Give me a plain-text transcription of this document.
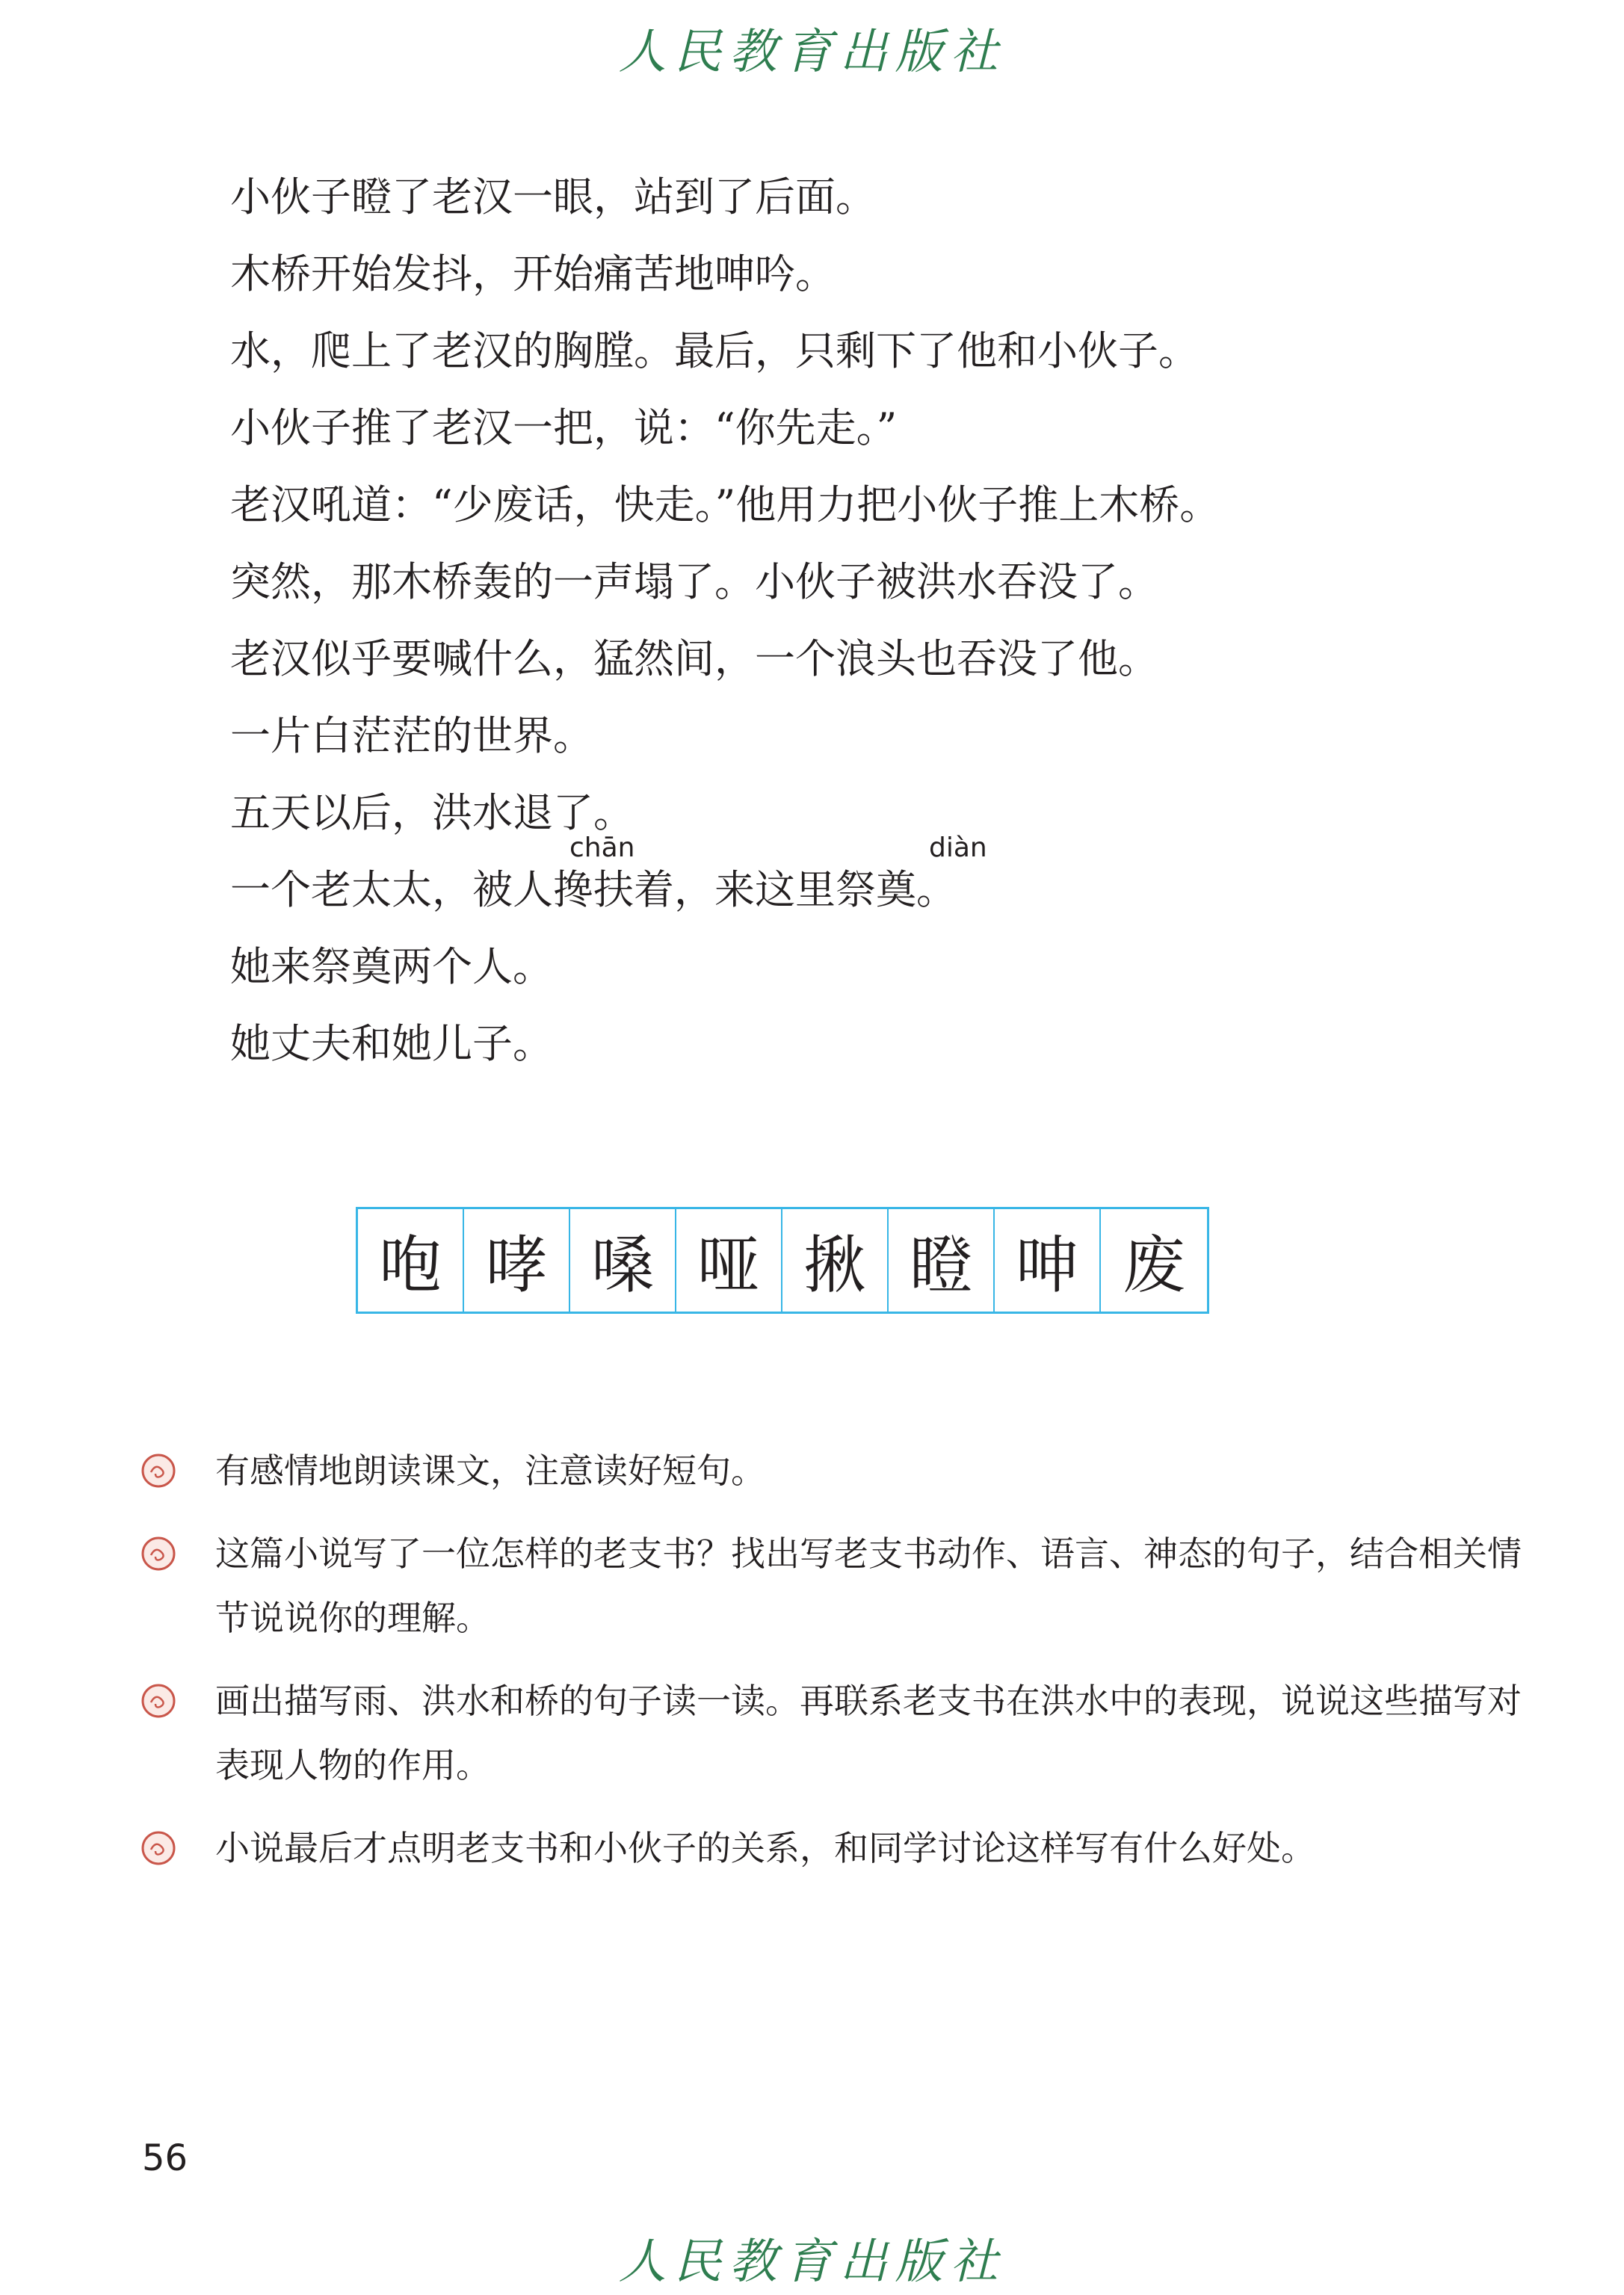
人民教育出版社
小伙子瞪了老汉一眼，站到了后面。
木桥开始发抖，开始痛苦地呻吟。
水，爬上了老汉的胸膛。最后，只剩下了他和小伙子。
小伙子推了老汉一把，说：“你先走。”
老汉吼道：“少废话，快走。”他用力把小伙子推上木桥。
突然，那木桥轰的一声塌了。小伙子被洪水吞没了。
老汉似乎要喊什么，猛然间，一个浪头也吞没了他。
一片白茫茫的世界。
五天以后，洪水退了。
chān	diàn
一个老太太，被人搀扶着，来这里祭奠。
她来祭奠两个人。
她丈夫和她儿子。
咆 哮 嗓 哑 揪 瞪 呻 废
有感情地朗读课文，注意读好短句。
这篇小说写了一位怎样的老支书？找出写老支书动作、语言、神态的句子，结合相关情节说说你的理解。
画出描写雨、洪水和桥的句子读一读。再联系老支书在洪水中的表现，说说这些描写对表现人物的作用。
小说最后才点明老支书和小伙子的关系，和同学讨论这样写有什么好处。
56
人民教育出版社
